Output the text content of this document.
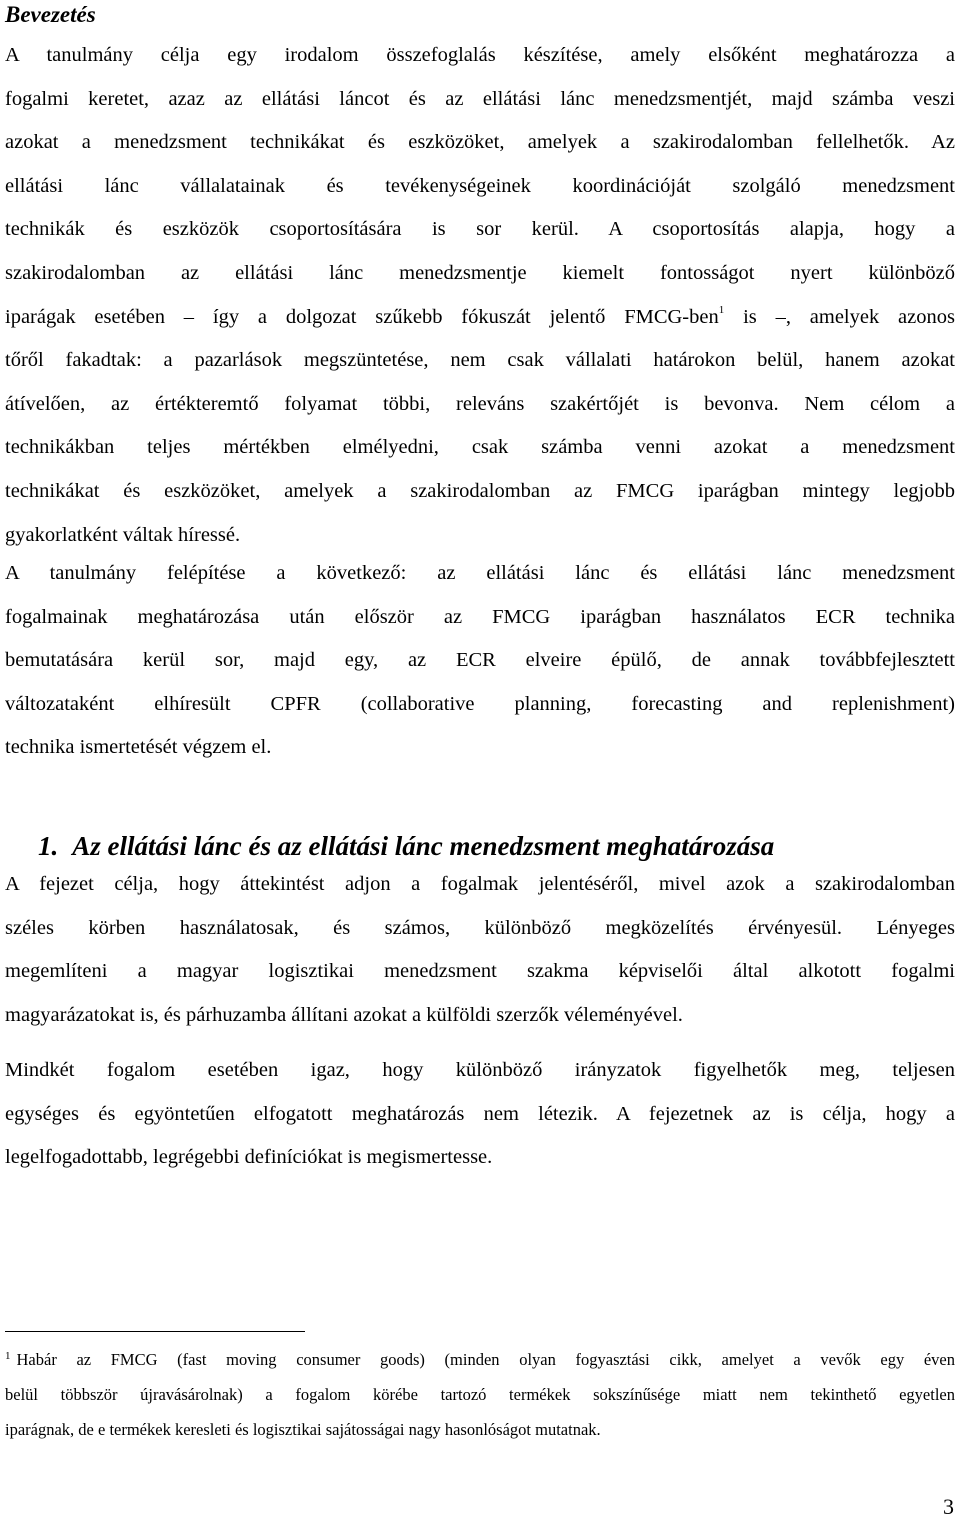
Bevezetés

A tanulmány célja egy irodalom összefoglalás készítése, amely elsőként meghatározza a
fogalmi keretet, azaz az ellátási láncot és az ellátási lánc menedzsmentjét, majd számba veszi
azokat a menedzsment technikákat és eszközöket, amelyek a szakirodalomban fellelhetők. Az
ellátási lánc vállalatainak és tevékenységeinek koordinációját szolgáló menedzsment
technikák és eszközök csoportosítására is sor kerül. A csoportosítás alapja, hogy a
szakirodalomban az ellátási lánc menedzsmentje kiemelt fontosságot nyert különböző
iparágak esetében – így a dolgozat szűkebb fókuszát jelentő FMCG-ben$^1$ is –, amelyek azonos
tőről fakadtak: a pazarlások megszüntetése, nem csak vállalati határokon belül, hanem azokat
átívelően, az értékteremtő folyamat többi, releváns szakértőjét is bevonva. Nem célom a
technikákban teljes mértékben elmélyedni, csak számba venni azokat a menedzsment
technikákat és eszközöket, amelyek a szakirodalomban az FMCG iparágban mintegy legjobb
gyakorlatként váltak híressé.

A tanulmány felépítése a következő: az ellátási lánc és ellátási lánc menedzsment
fogalmainak meghatározása után először az FMCG iparágban használatos ECR technika
bemutatására kerül sor, majd egy, az ECR elveire épülő, de annak továbbfejlesztett
változataként elhíresült CPFR (collaborative planning, forecasting and replenishment)
technika ismertetését végzem el.

1. Az ellátási lánc és az ellátási lánc menedzsment meghatározása

A fejezet célja, hogy áttekintést adjon a fogalmak jelentéséről, mivel azok a szakirodalomban
széles körben használatosak, és számos, különböző megközelítés érvényesül. Lényeges
megemlíteni a magyar logisztikai menedzsment szakma képviselői által alkotott fogalmi
magyarázatokat is, és párhuzamba állítani azokat a külföldi szerzők véleményével.

Mindkét fogalom esetében igaz, hogy különböző irányzatok figyelhetők meg, teljesen
egységes és egyöntetűen elfogatott meghatározás nem létezik. A fejezetnek az is célja, hogy a
legelfogadottabb, legrégebbi definíciókat is megismertesse.

$^1$ Habár az FMCG (fast moving consumer goods) (minden olyan fogyasztási cikk, amelyet a vevők egy éven
belül többször újravásárolnak) a fogalom körébe tartozó termékek sokszínűsége miatt nem tekinthető egyetlen
iparágnak, de e termékek keresleti és logisztikai sajátosságai nagy hasonlóságot mutatnak.

3
